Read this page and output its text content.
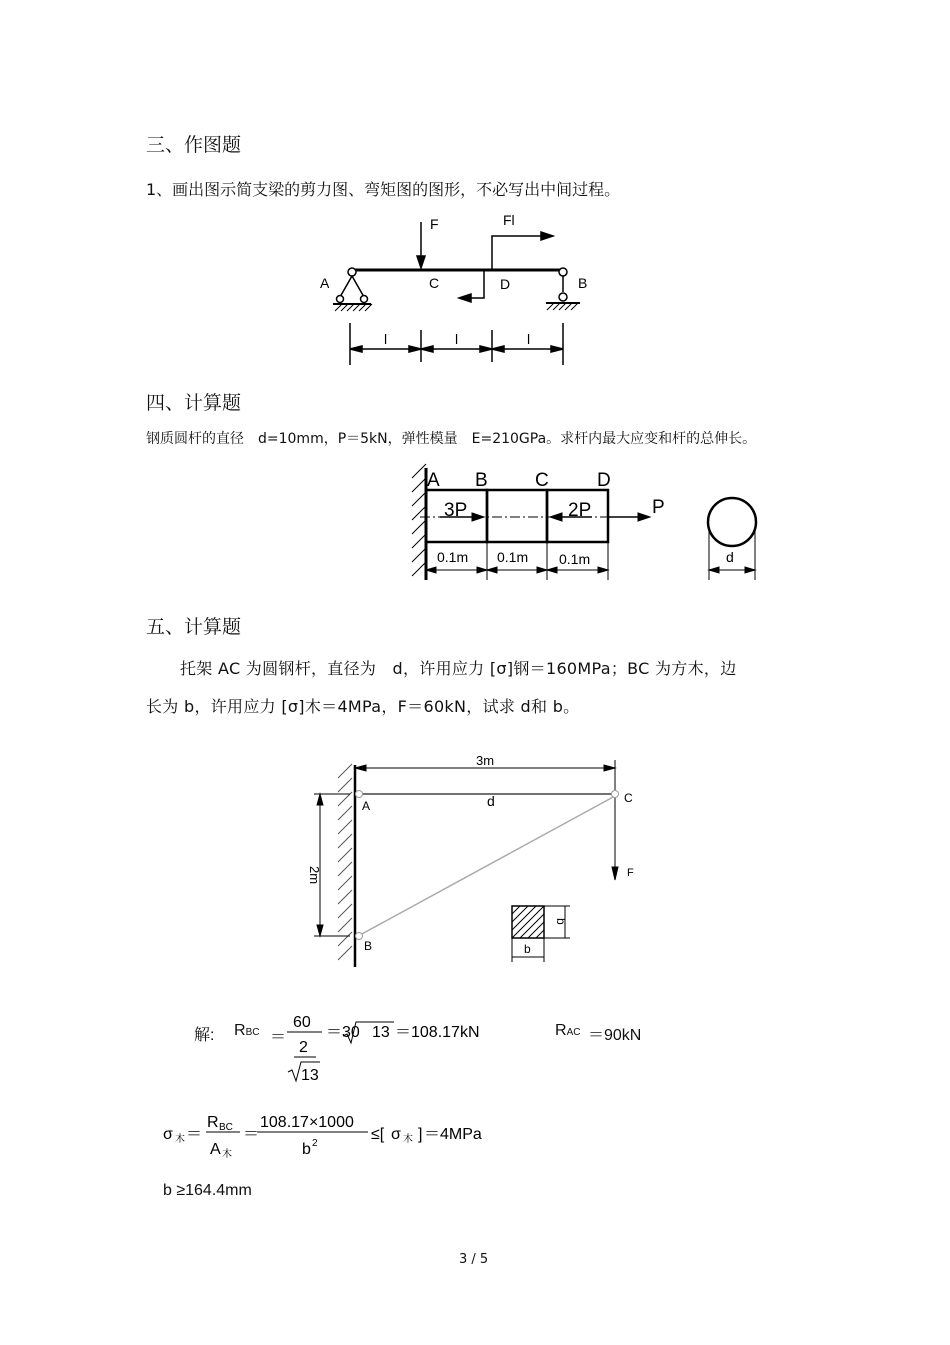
三、作图题
1、画出图示简支梁的剪力图、弯矩图的图形，不必写出中间过程。
F	Fl
A	C	D	B
l	l	l
四、计算题
钢质圆杆的直径　d=10mm，P＝5kN，弹性模量　E=210GPa。求杆内最大应变和杆的总伸长。
A B C	D
3P	2P	P
0.1m 0.1m 0.1m	d
五、计算题
托架 AC 为圆钢杆，直径为　d，许用应力 [σ]钢＝160MPa；BC 为方木，边
长为 b，许用应力 [σ]木＝4MPa，F＝60kN，试求 d和 b。
3m
2m
A
B
C
d
F
b
b
解: RBC ＝
60
2
13
＝30 13 ＝108.17kN	RAC ＝90kN
σ 木 ＝
R BC
A 木
＝
108.17×1000
b 2
≤[ σ 木 ] ＝4MPa
b ≥164.4mm
3 / 5
